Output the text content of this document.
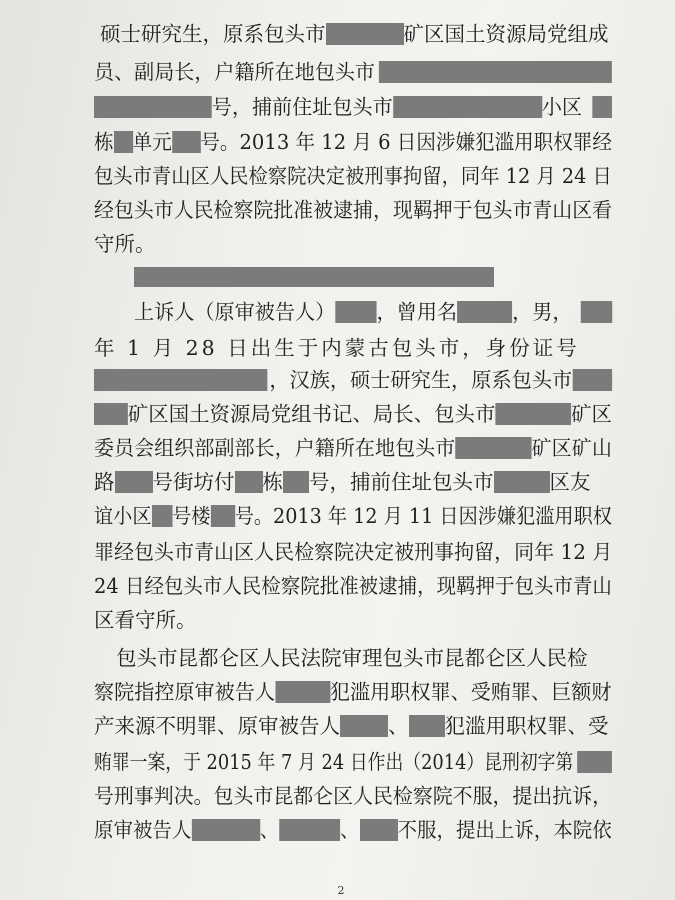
硕士研究生，原系包头市	矿区国土资源局党组成
员、副局长，户籍所在地包头市
号，捕前住址包头市	小区
栋 单元 号。2013 年 12 月 6 日因涉嫌犯滥用职权罪经
包头市青山区人民检察院决定被刑事拘留，同年 12 月 24 日
经包头市人民检察院批准被逮捕，现羁押于包头市青山区看
守所。
上诉人（原审被告人） ，曾用名	，男，
年 1 月 28 日出生于内蒙古包头市，身份证号
，汉族，硕士研究生，原系包头市
矿区国土资源局党组书记、局长、包头市	矿区
委员会组织部副部长，户籍所在地包头市	矿区矿山
路 号街坊付 栋 号，捕前住址包头市	区友
谊小区 号楼 号。2013 年 12 月 11 日因涉嫌犯滥用职权
罪经包头市青山区人民检察院决定被刑事拘留，同年 12 月
24 日经包头市人民检察院批准被逮捕，现羁押于包头市青山
区看守所。
包头市昆都仑区人民法院审理包头市昆都仑区人民检
察院指控原审被告人	犯滥用职权罪、受贿罪、巨额财
产来源不明罪、原审被告人 、 犯滥用职权罪、受
贿罪一案，于 2015 年 7 月 24 日作出（2014）昆刑初字第
号刑事判决。包头市昆都仑区人民检察院不服，提出抗诉，
原审被告人	、	、 不服，提出上诉，本院依
2
